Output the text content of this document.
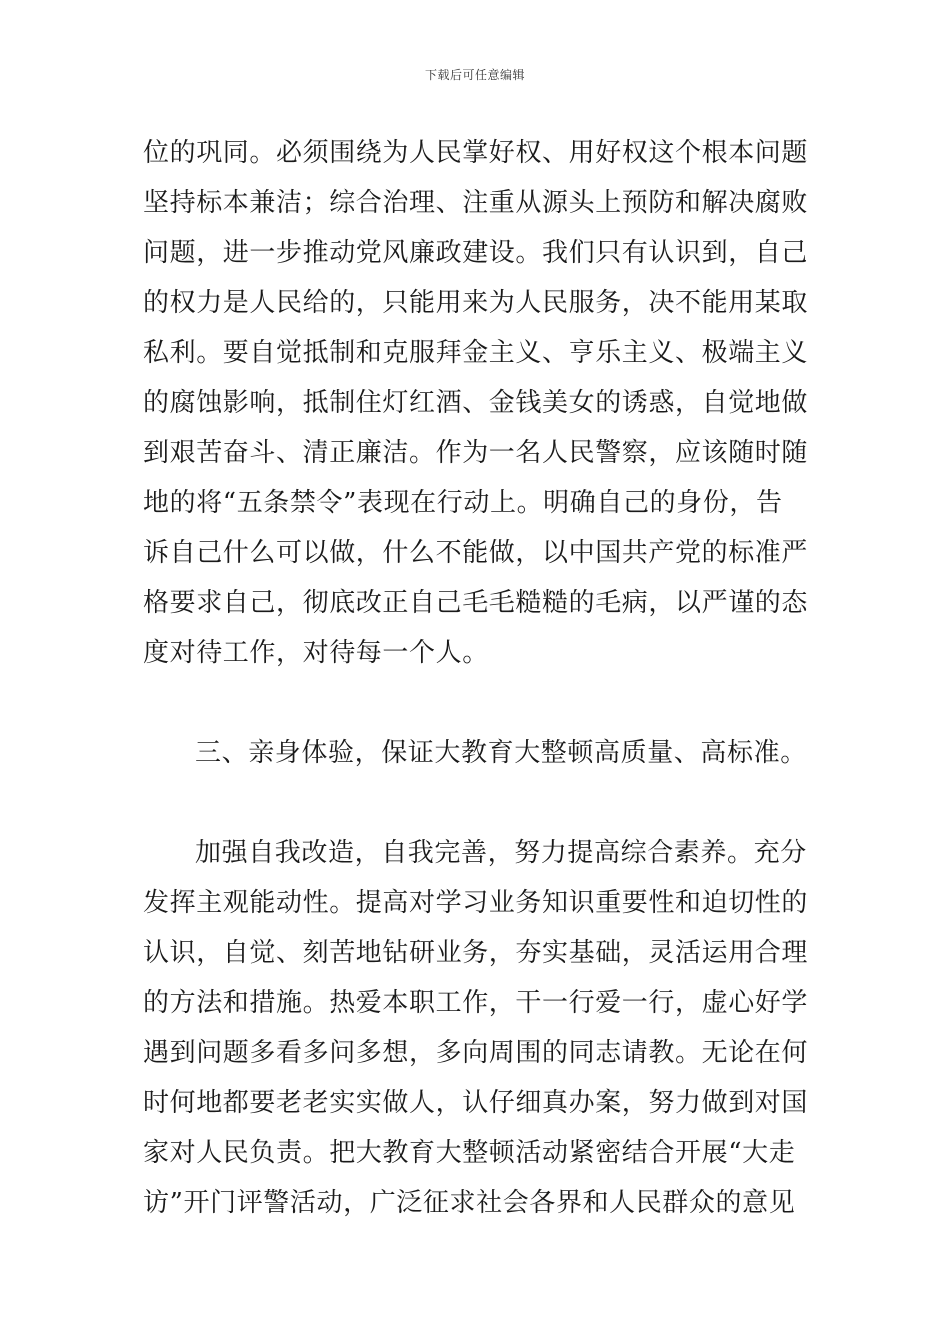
下载后可任意编辑
位的巩同。必须围绕为人民掌好权、用好权这个根本问题
坚持标本兼洁；综合治理、注重从源头上预防和解决腐败
问题，进一步推动党风廉政建设。我们只有认识到，自己
的权力是人民给的，只能用来为人民服务，决不能用某取
私利。要自觉抵制和克服拜金主义、亨乐主义、极端主义
的腐蚀影响，抵制住灯红酒、金钱美女的诱惑，自觉地做
到艰苦奋斗、清正廉洁。作为一名人民警察，应该随时随
地的将“五条禁令”表现在行动上。明确自己的身份，告
诉自己什么可以做，什么不能做，以中国共产党的标准严
格要求自己，彻底改正自己毛毛糙糙的毛病，以严谨的态
度对待工作，对待每一个人。
三、亲身体验，保证大教育大整顿高质量、高标准。
加强自我改造，自我完善，努力提高综合素养。充分
发挥主观能动性。提高对学习业务知识重要性和迫切性的
认识，自觉、刻苦地钻研业务，夯实基础，灵活运用合理
的方法和措施。热爱本职工作，干一行爱一行，虚心好学
遇到问题多看多问多想，多向周围的同志请教。无论在何
时何地都要老老实实做人，认仔细真办案，努力做到对国
家对人民负责。把大教育大整顿活动紧密结合开展“大走
访”开门评警活动，广泛征求社会各界和人民群众的意见
